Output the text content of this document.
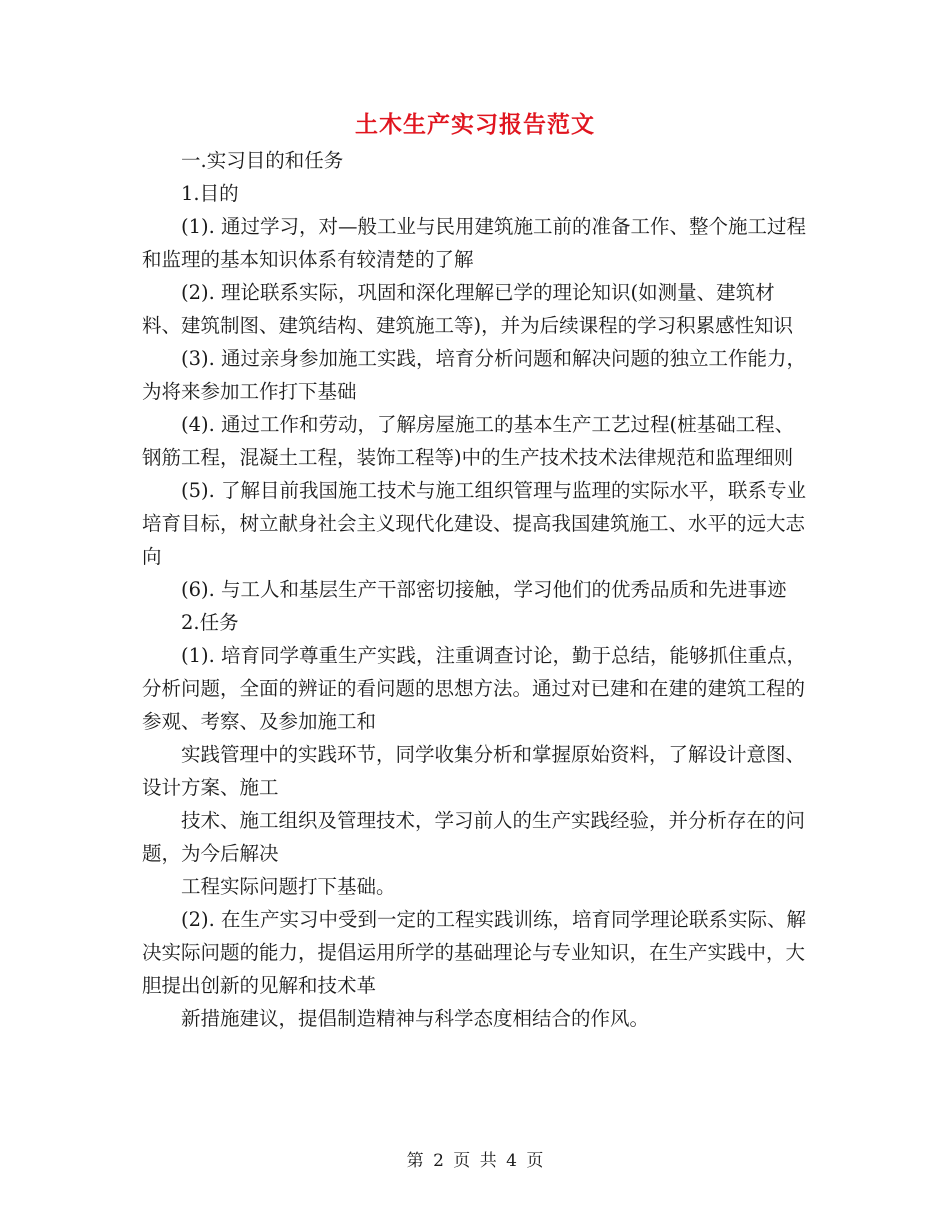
土木生产实习报告范文

一.实习目的和任务

1.目的

(1). 通过学习，对—般工业与民用建筑施工前的准备工作、整个施工过程和监理的基本知识体系有较清楚的了解

(2). 理论联系实际，巩固和深化理解已学的理论知识(如测量、建筑材料、建筑制图、建筑结构、建筑施工等)，并为后续课程的学习积累感性知识

(3). 通过亲身参加施工实践，培育分析问题和解决问题的独立工作能力，为将来参加工作打下基础

(4). 通过工作和劳动，了解房屋施工的基本生产工艺过程(桩基础工程、钢筋工程，混凝土工程，装饰工程等)中的生产技术技术法律规范和监理细则

(5). 了解目前我国施工技术与施工组织管理与监理的实际水平，联系专业培育目标，树立献身社会主义现代化建设、提高我国建筑施工、水平的远大志向

(6). 与工人和基层生产干部密切接触，学习他们的优秀品质和先进事迹

2.任务

(1). 培育同学尊重生产实践，注重调查讨论，勤于总结，能够抓住重点，分析问题，全面的辨证的看问题的思想方法。通过对已建和在建的建筑工程的参观、考察、及参加施工和

实践管理中的实践环节，同学收集分析和掌握原始资料，了解设计意图、设计方案、施工

技术、施工组织及管理技术，学习前人的生产实践经验，并分析存在的问题，为今后解决

工程实际问题打下基础。

(2). 在生产实习中受到一定的工程实践训练，培育同学理论联系实际、解决实际问题的能力，提倡运用所学的基础理论与专业知识，在生产实践中，大胆提出创新的见解和技术革

新措施建议，提倡制造精神与科学态度相结合的作风。

第 2 页 共 4 页
